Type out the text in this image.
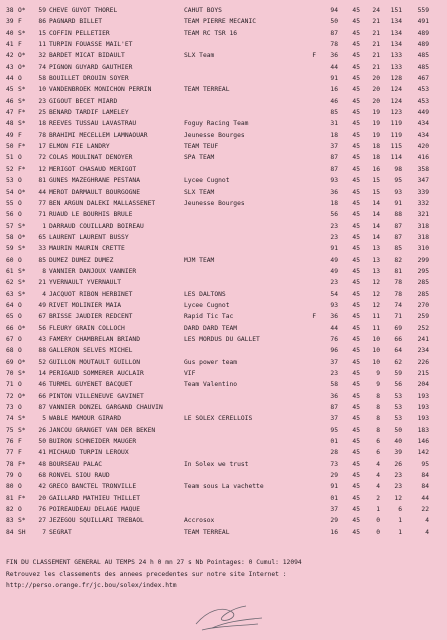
38	O*	59	CHEVE GUYOT THOREL	CAHUT BOYS		94	45	24	151	559
39	F	86	PAGNARD BILLET	TEAM PIERRE MECANIC		50	45	21	134	491
40	S*	15	COFFIN PELLETIER	TEAM RC TSR 16		87	45	21	134	489
41	F	11	TURPIN FOUASSE MAIL'ET			78	45	21	134	489
42	O*	32	BARDET MICAT BIDAULT	SLX Team	F	36	45	21	133	485
43	O*	74	PIGNON GUYARD GAUTHIER			44	45	21	133	485
44	O	58	BOUILLET DROUIN SOYER			91	45	20	128	467
45	S*	10	VANDENBROEK MONICHON PERRIN	TEAM TERREAL		16	45	20	124	453
46	S*	23	GIGOUT BECET MIARD			46	45	20	124	453
47	F*	25	BENARD TARDIF LAMELEY			85	45	19	123	449
48	S*	18	REEVES TUSSAU LAVASTRAU	Foguy Racing Team		31	45	19	119	434
49	F	78	BRAHIMI MECELLEM LAMNAOUAR	Jeunesse Bourges		18	45	19	119	434
50	F*	17	ELMON FIE LANDRY	TEAM TEUF		37	45	18	115	420
51	O	72	COLAS MOULINAT DENOYER	SPA TEAM		87	45	18	114	416
52	F*	12	MERIGOT CHASAUD MERIGOT			87	45	16	98	358
53	O	81	GUNES MAZEGHRANE PESTANA	Lycee Cugnot		93	45	15	95	347
54	O*	44	MEROT DARMAULT BOURGOGNE	SLX TEAM		36	45	15	93	339
55	O	77	BEN ARGUN DALEKI MALLASSENET	Jeunesse Bourges		18	45	14	91	332
56	O	71	RUAUD LE BOURHIS BRULE			56	45	14	88	321
57	S*	1	DARRAUD COUILLARD BOIREAU			23	45	14	87	318
58	O*	65	LAURENT LAURENT BUSSY			23	45	14	87	318
59	S*	33	MAURIN MAURIN CRETTE			91	45	13	85	310
60	O	85	DUMEZ DUMEZ DUMEZ	MJM TEAM		49	45	13	82	299
61	S*	8	VANNIER DANJOUX VANNIER			49	45	13	81	295
62	S*	21	YVERNAULT YVERNAULT			23	45	12	78	285
63	S*	4	JACQUOT RIBON HERBINET	LES DALTONS		54	45	12	78	285
64	O	49	RIVET MOLINIER MAIA	Lycee Cugnot		93	45	12	74	270
65	O	67	BRISSE JAUDIER REDCENT	Rapid Tic Tac	F	36	45	11	71	259
66	O*	56	FLEURY GRAIN COLLOCH	DARD DARD TEAM		44	45	11	69	252
67	O	43	FAMERY CHAMBRELAN BRIAND	LES MORDUS DU GALLET		76	45	10	66	241
68	O	88	GALLERON SELVES MICHEL			96	45	10	64	234
69	O*	52	GUILLON MOUTAULT GUILLON	Gus power team		37	45	10	62	226
70	S*	14	PERIGAUD SOMMERER AUCLAIR	VIF		23	45	9	59	215
71	O	46	TURMEL GUYENET BACQUET	Team Valentino		58	45	9	56	204
72	O*	66	PINTON VILLENEUVE GAVINET			36	45	8	53	193
73	O	87	VANNIER DONZEL GARGAND CHAUVIN			87	45	8	53	193
74	S*	5	WABLE MAMOUR GIRARD	LE SOLEX CERELLOIS		37	45	8	53	193
75	S*	26	JANCOU GRANGET VAN DER BEKEN			95	45	8	50	183
76	F	50	BUIRON SCHNEIDER MAUGER			01	45	6	40	146
77	F	41	MICHAUD TURPIN LEROUX			28	45	6	39	142
78	F*	48	BOURSEAU PALAC	In Solex we trust		73	45	4	26	95
79	O	68	RONVEL SIOU RAUD			29	45	4	23	84
80	O	42	GRECO BANCTEL TRONVILLE	Team sous La vachette		91	45	4	23	84
81	F*	20	GAILLARD MATHIEU THILLET			01	45	2	12	44
82	O	76	POIREAUDEAU DELAGE MAQUE			37	45	1	6	22
83	S*	27	JEZEGOU SQUILLARI TREBAOL	Accrosox		29	45	0	1	4
84	SH	7	SEGRAT	TEAM TERREAL		16	45	0	1	4
FIN DU CLASSEMENT GENERAL AU TEMPS 24 h 0 mn 27 s Nb Pointages: 0 Cumul: 12094
Retrouvez les classements des annees precedentes sur notre site Internet :
http://perso.orange.fr/jc.bou/solex/index.htm
